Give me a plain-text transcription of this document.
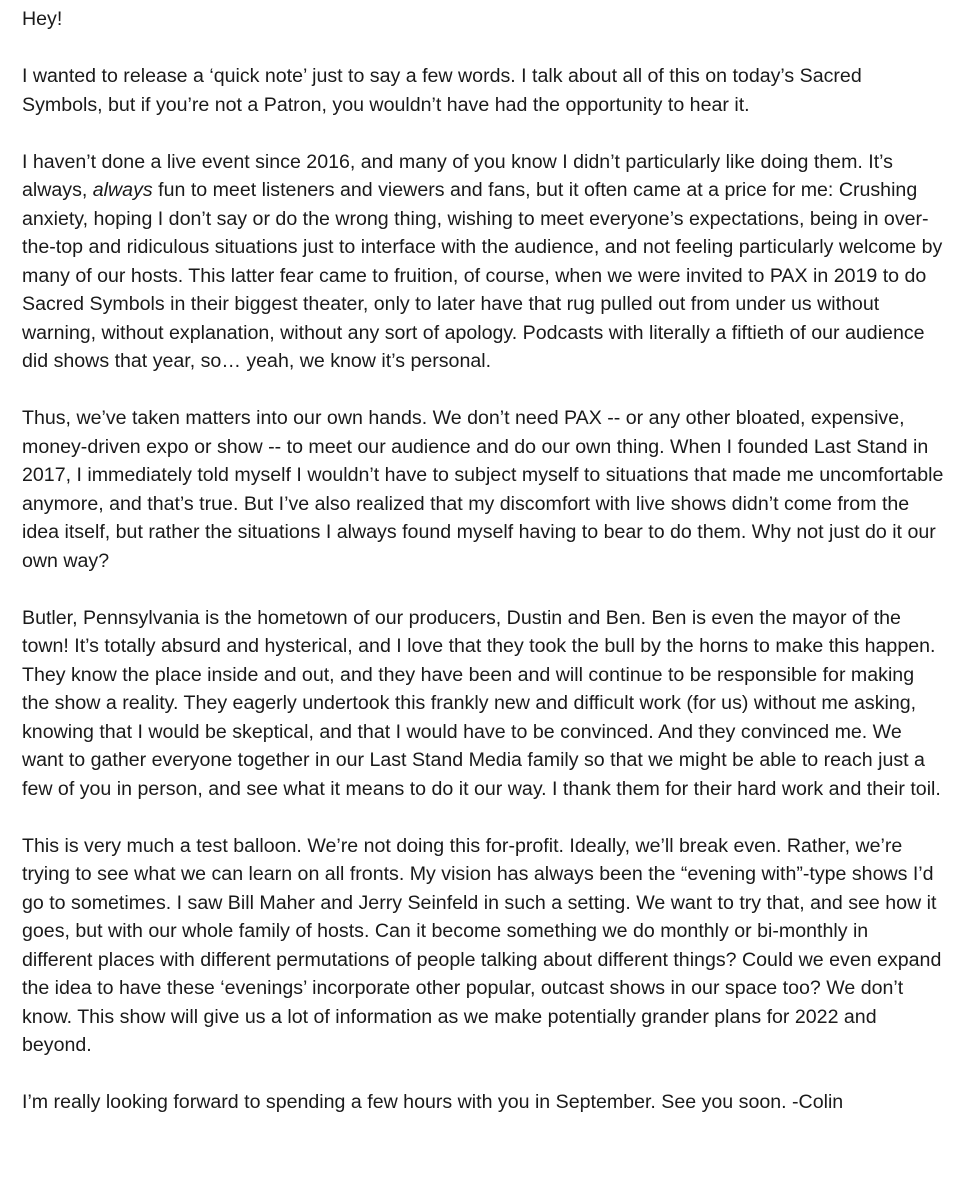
Hey!

I wanted to release a ‘quick note’ just to say a few words. I talk about all of this on today’s Sacred Symbols, but if you’re not a Patron, you wouldn’t have had the opportunity to hear it.

I haven’t done a live event since 2016, and many of you know I didn’t particularly like doing them. It’s always, always fun to meet listeners and viewers and fans, but it often came at a price for me: Crushing anxiety, hoping I don’t say or do the wrong thing, wishing to meet everyone’s expectations, being in over-the-top and ridiculous situations just to interface with the audience, and not feeling particularly welcome by many of our hosts. This latter fear came to fruition, of course, when we were invited to PAX in 2019 to do Sacred Symbols in their biggest theater, only to later have that rug pulled out from under us without warning, without explanation, without any sort of apology. Podcasts with literally a fiftieth of our audience did shows that year, so… yeah, we know it’s personal.

Thus, we’ve taken matters into our own hands. We don’t need PAX -- or any other bloated, expensive, money-driven expo or show -- to meet our audience and do our own thing. When I founded Last Stand in 2017, I immediately told myself I wouldn’t have to subject myself to situations that made me uncomfortable anymore, and that’s true. But I’ve also realized that my discomfort with live shows didn’t come from the idea itself, but rather the situations I always found myself having to bear to do them. Why not just do it our own way?

Butler, Pennsylvania is the hometown of our producers, Dustin and Ben. Ben is even the mayor of the town! It’s totally absurd and hysterical, and I love that they took the bull by the horns to make this happen. They know the place inside and out, and they have been and will continue to be responsible for making the show a reality. They eagerly undertook this frankly new and difficult work (for us) without me asking, knowing that I would be skeptical, and that I would have to be convinced. And they convinced me. We want to gather everyone together in our Last Stand Media family so that we might be able to reach just a few of you in person, and see what it means to do it our way. I thank them for their hard work and their toil.

This is very much a test balloon. We’re not doing this for-profit. Ideally, we’ll break even. Rather, we’re trying to see what we can learn on all fronts. My vision has always been the “evening with”-type shows I’d go to sometimes. I saw Bill Maher and Jerry Seinfeld in such a setting. We want to try that, and see how it goes, but with our whole family of hosts. Can it become something we do monthly or bi-monthly in different places with different permutations of people talking about different things? Could we even expand the idea to have these ‘evenings’ incorporate other popular, outcast shows in our space too? We don’t know. This show will give us a lot of information as we make potentially grander plans for 2022 and beyond.

I’m really looking forward to spending a few hours with you in September. See you soon. -Colin
